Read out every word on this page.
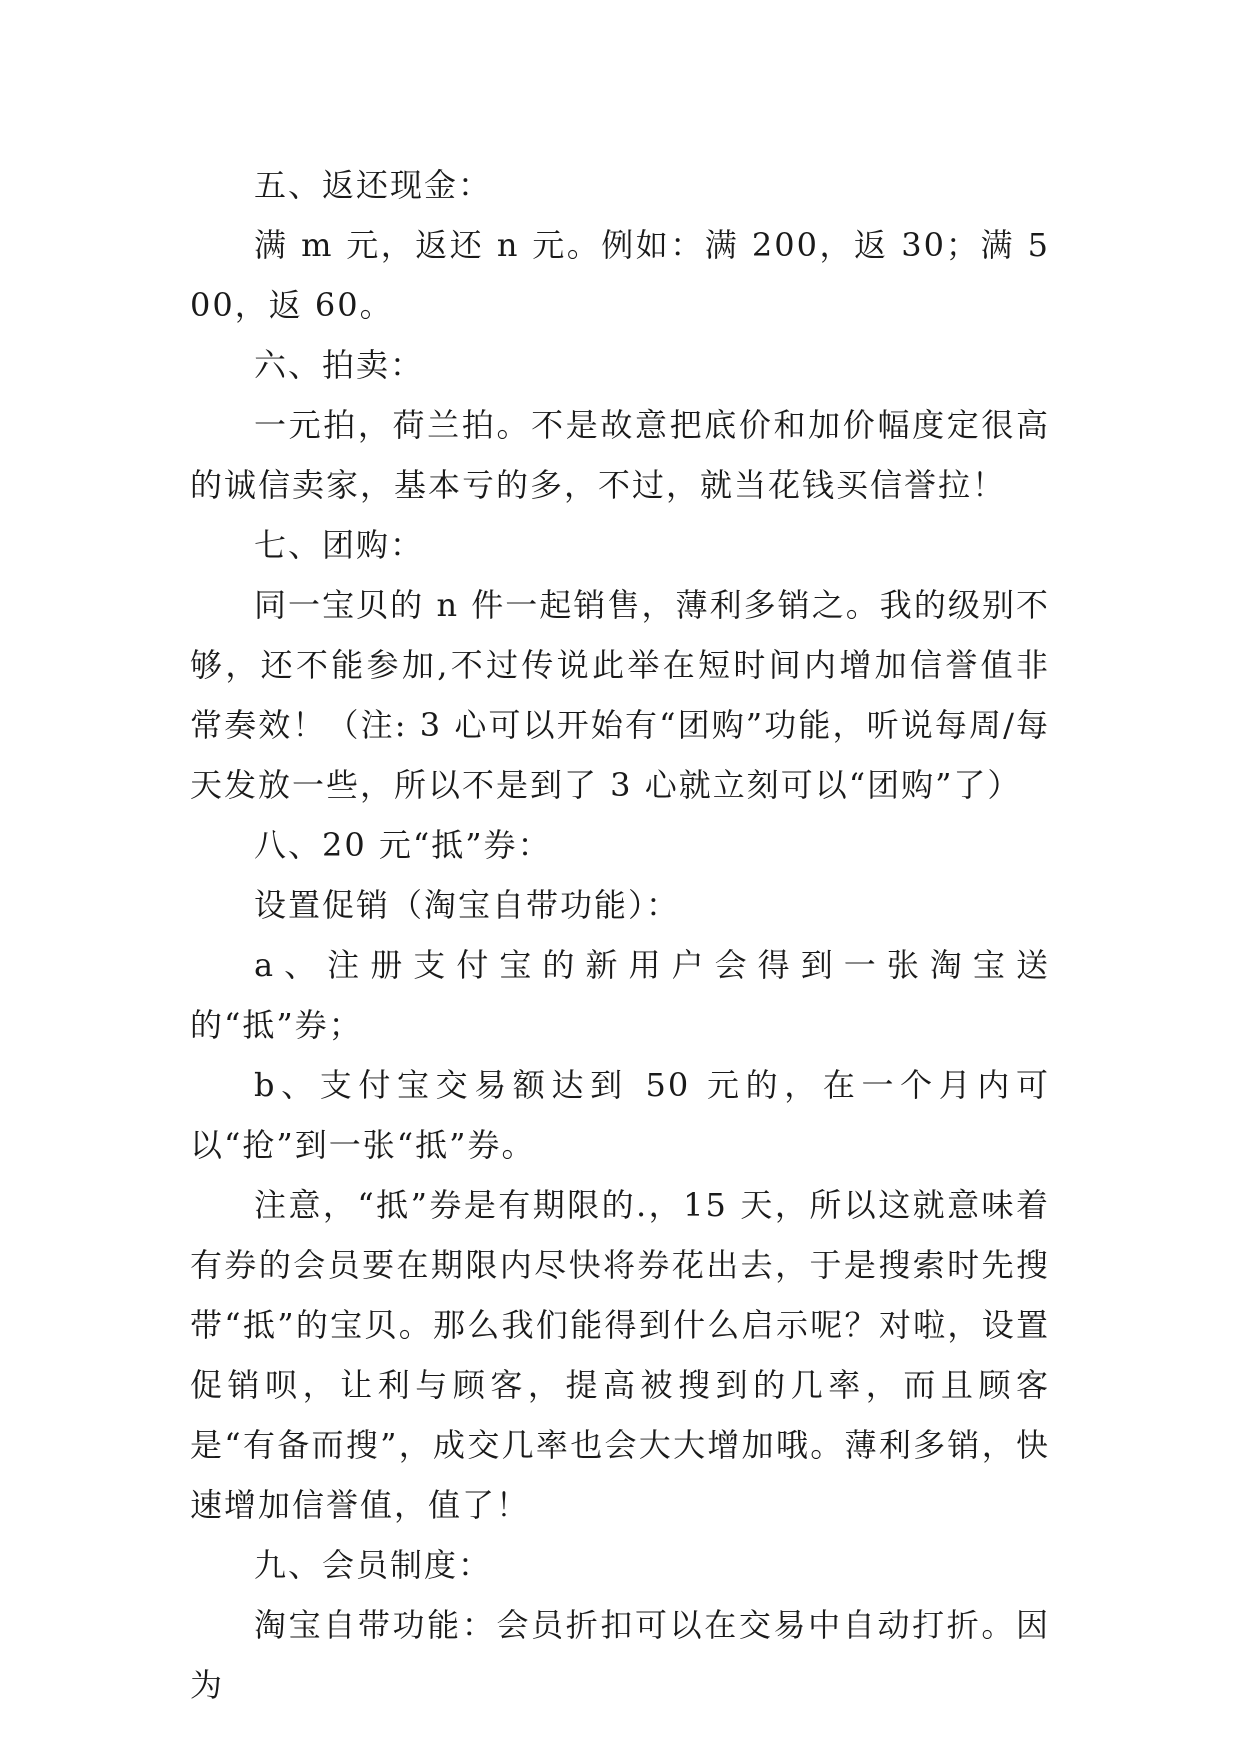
五、返还现金：

满 m 元，返还 n 元。例如：满 200，返 30；满 500，返 60。

六、拍卖：

一元拍，荷兰拍。不是故意把底价和加价幅度定很高的诚信卖家，基本亏的多，不过，就当花钱买信誉拉！

七、团购：

同一宝贝的 n 件一起销售，薄利多销之。我的级别不够，还不能参加,不过传说此举在短时间内增加信誉值非常奏效！（注: 3 心可以开始有“团购”功能，听说每周/每天发放一些，所以不是到了 3 心就立刻可以“团购”了）

八、20 元“抵”券：

设置促销（淘宝自带功能）：

a、注册支付宝的新用户会得到一张淘宝送的“抵”券；

b、支付宝交易额达到 50 元的，在一个月内可以“抢”到一张“抵”券。

注意，“抵”券是有期限的.，15 天，所以这就意味着有券的会员要在期限内尽快将券花出去，于是搜索时先搜带“抵”的宝贝。那么我们能得到什么启示呢？对啦，设置促销呗，让利与顾客，提高被搜到的几率，而且顾客是“有备而搜”，成交几率也会大大增加哦。薄利多销，快速增加信誉值，值了！

九、会员制度：

淘宝自带功能：会员折扣可以在交易中自动打折。因为
